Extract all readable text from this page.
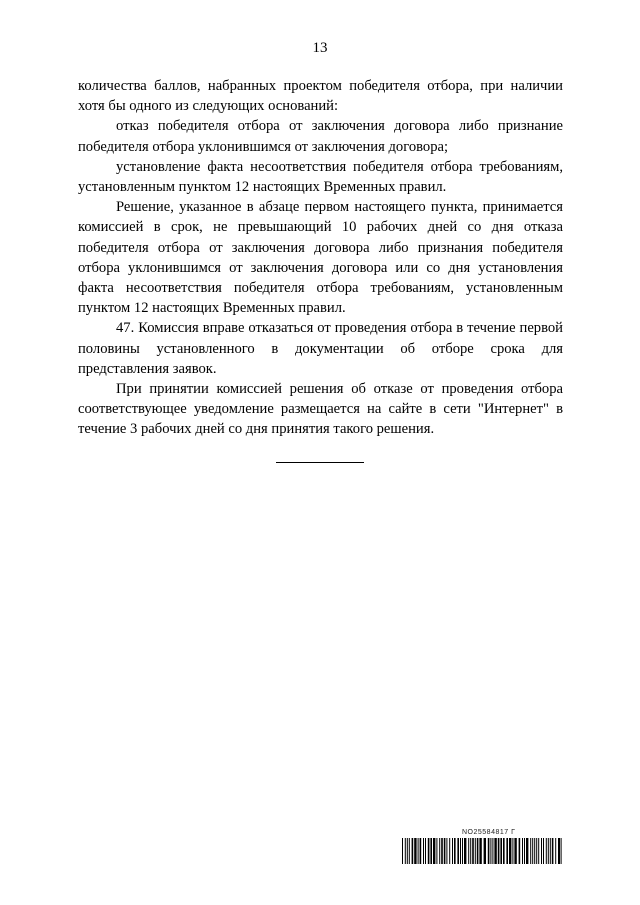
13

количества баллов, набранных проектом победителя отбора, при наличии хотя бы одного из следующих оснований:

отказ победителя отбора от заключения договора либо признание победителя отбора уклонившимся от заключения договора;

установление факта несоответствия победителя отбора требованиям, установленным пунктом 12 настоящих Временных правил.

Решение, указанное в абзаце первом настоящего пункта, принимается комиссией в срок, не превышающий 10 рабочих дней со дня отказа победителя отбора от заключения договора либо признания победителя отбора уклонившимся от заключения договора или со дня установления факта несоответствия победителя отбора требованиям, установленным пунктом 12 настоящих Временных правил.

47. Комиссия вправе отказаться от проведения отбора в течение первой половины установленного в документации об отборе срока для представления заявок.

При принятии комиссией решения об отказе от проведения отбора соответствующее уведомление размещается на сайте в сети "Интернет" в течение 3 рабочих дней со дня принятия такого решения.

NO25584817 Г
